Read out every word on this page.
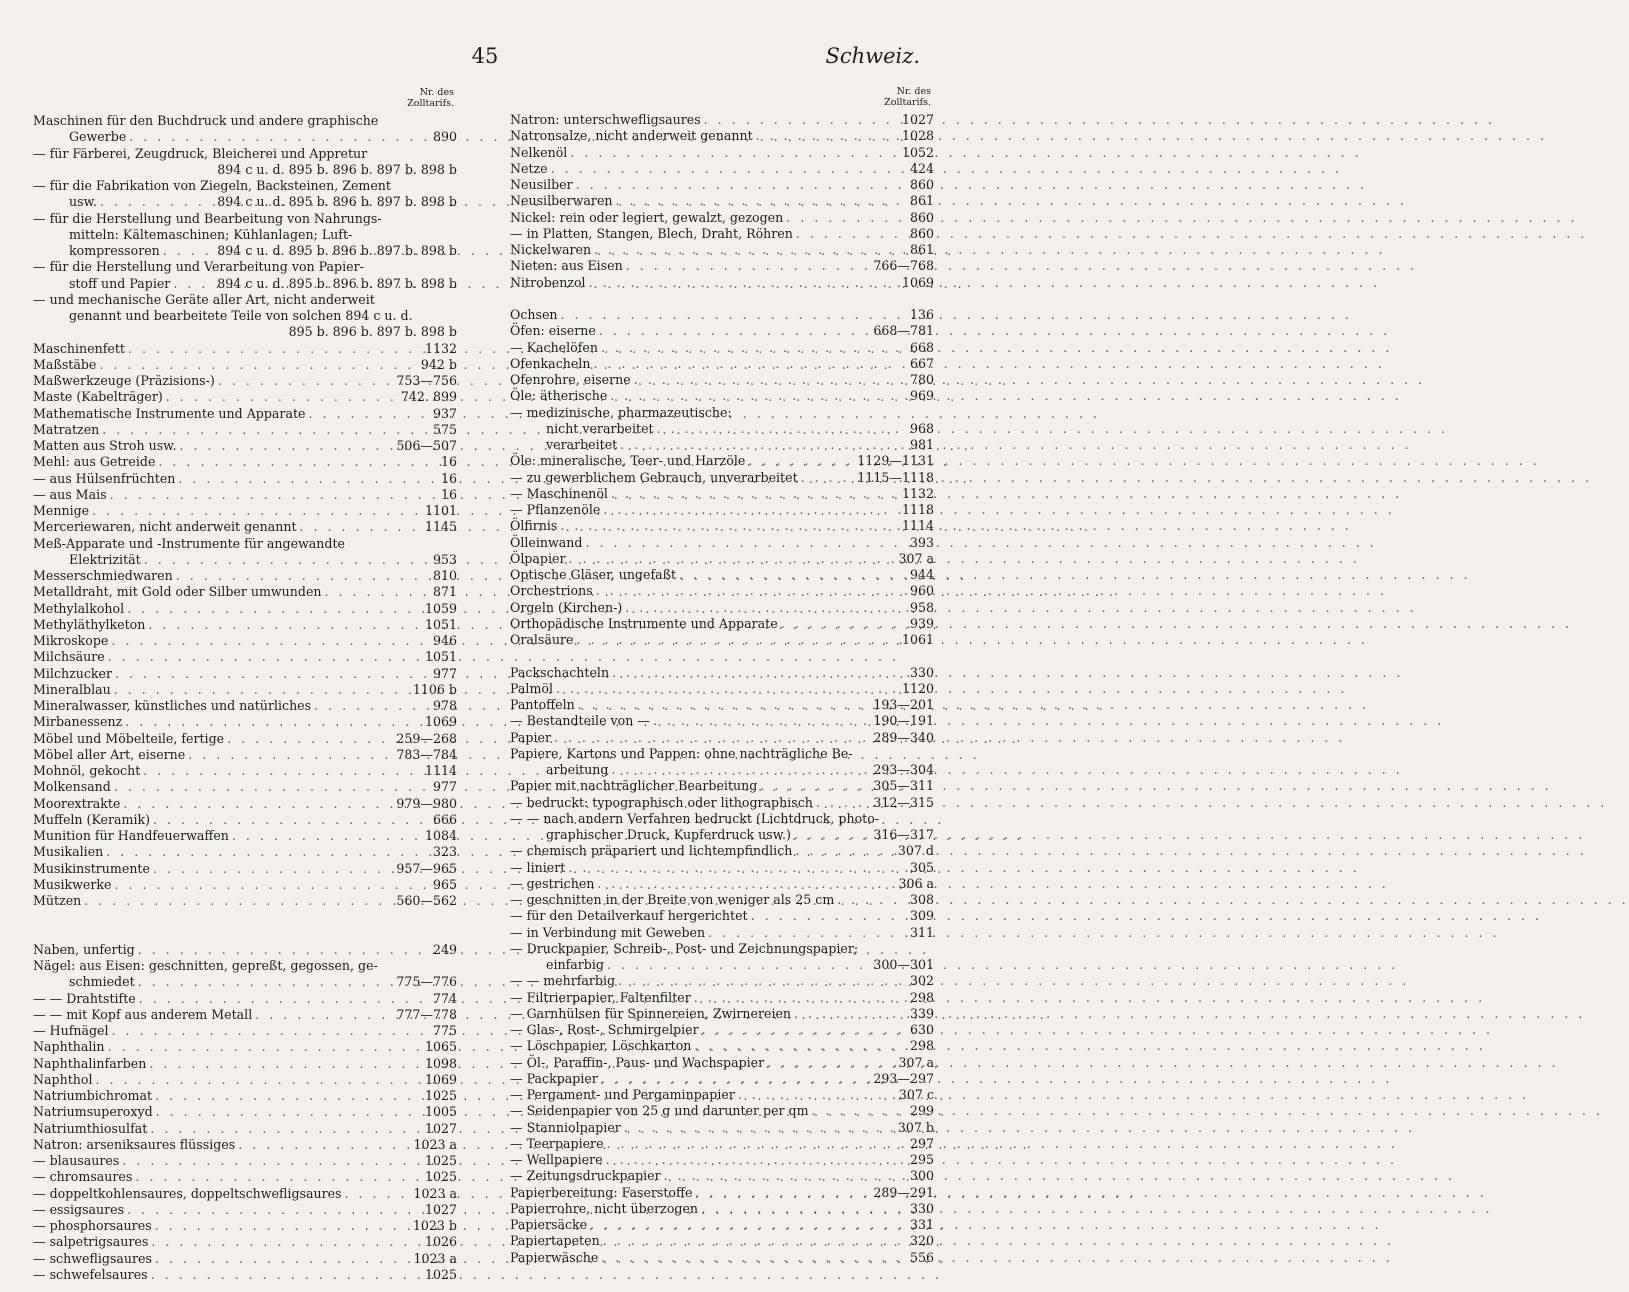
45	Schweiz.
Nr. des
Zolltarifs.
Maschinen für den Buchdruck und andere graphische
Gewerbe . . .	890
— für Färberei, Zeugdruck, Bleicherei und Appretur
894 c u. d. 895 b. 896 b. 897 b. 898 b
— für die Fabrikation von Ziegeln, Backsteinen, Zement
usw. . . .	894 c u. d. 895 b. 896 b. 897 b. 898 b
— für die Herstellung und Bearbeitung von Nahrungs-
mitteln: Kältemaschinen; Kühlanlagen; Luft-
kompressoren . . .	894 c u. d. 895 b. 896 b. 897 b. 898 b
— für die Herstellung und Verarbeitung von Papier-
stoff und Papier . . .	894 c u. d. 895 b. 896 b. 897 b. 898 b
— und mechanische Geräte aller Art, nicht anderweit
genannt und bearbeitete Teile von solchen 894 c u. d.
895 b. 896 b. 897 b. 898 b
Maschinenfett . . .	1132
Maßstäbe . . .	942 b
Maßwerkzeuge (Präzisions-) . . .	753—756
Maste (Kabelträger) . . .	742. 899
Mathematische Instrumente und Apparate . . .	937
Matratzen . . .	575
Matten aus Stroh usw. . . .	506—507
Mehl: aus Getreide . . .	16
— aus Hülsenfrüchten . . .	16
— aus Mais . . .	16
Mennige . . .	1101
Merceriewaren, nicht anderweit genannt . . .	1145
Meß-Apparate und -Instrumente für angewandte
Elektrizität . . .	953
Messerschmiedwaren . . .	810
Metalldraht, mit Gold oder Silber umwunden . . .	871
Methylalkohol . . .	1059
Methyläthylketon . . .	1051
Mikroskope . . .	946
Milchsäure . . .	1051
Milchzucker . . .	977
Mineralblau . . .	1106 b
Mineralwasser, künstliches und natürliches . . .	978
Mirbanessenz . . .	1069
Möbel und Möbelteile, fertige . . .	259—268
Möbel aller Art, eiserne . . .	783—784
Mohnöl, gekocht . . .	1114
Molkensand . . .	977
Moorextrakte . . .	979—980
Muffeln (Keramik) . . .	666
Munition für Handfeuerwaffen . . .	1084
Musikalien . . .	323
Musikinstrumente . . .	957—965
Musikwerke . . .	965
Mützen . . .	560—562
Naben, unfertig . . .	249
Nägel: aus Eisen: geschnitten, gepreßt, gegossen, ge-
schmiedet . . .	775—776
— — Drahtstifte . . .	774
— — mit Kopf aus anderem Metall . . .	777—778
— Hufnägel . . .	775
Naphthalin . . .	1065
Naphthalinfarben . . .	1098
Naphthol . . .	1069
Natriumbichromat . . .	1025
Natriumsuperoxyd . . .	1005
Natriumthiosulfat . . .	1027
Natron: arseniksaures flüssiges . . .	1023 a
— blausaures . . .	1025
— chromsaures . . .	1025
— doppeltkohlensaures, doppeltschwefligsaures . . .	1023 a
— essigsaures . . .	1027
— phosphorsaures . . .	1023 b
— salpetrigsaures . . .	1026
— schwefligsaures . . .	1023 a
— schwefelsaures . . .	1025
Nr. des
Zolltarifs.
Natron: unterschwefligsaures . . .	1027
Natronsalze, nicht anderweit genannt . . .	1028
Nelkenöl . . .	1052
Netze . . .	424
Neusilber . . .	860
Neusilberwaren . . .	861
Nickel: rein oder legiert, gewalzt, gezogen . . .	860
— in Platten, Stangen, Blech, Draht, Röhren . . .	860
Nickelwaren . . .	861
Nieten: aus Eisen . . .	766—768
Nitrobenzol . . .	1069
Ochsen . . .	136
Öfen: eiserne . . .	668—781
— Kachelöfen . . .	668
Ofenkacheln . . .	667
Ofenrohre, eiserne . . .	780
Öle: ätherische . . .	969
— medizinische, pharmazeutische:
nicht verarbeitet . . .	968
verarbeitet . . .	981
Öle: mineralische, Teer- und Harzöle . . .	1129—1131
— zu gewerblichem Gebrauch, unverarbeitet . . .	1115—1118
— Maschinenöl . . .	1132
— Pflanzenöle . . .	1118
Ölfirnis . . .	1114
Ölleinwand . . .	393
Ölpapier . . .	307 a
Optische Gläser, ungefaßt . . .	944
Orchestrions . . .	960
Orgeln (Kirchen-) . . .	958
Orthopädische Instrumente und Apparate . . .	939
Oralsäure . . .	1061
Packschachteln . . .	330
Palmöl . . .	1120
Pantoffeln . . .	193—201
— Bestandteile von — . . .	190—191
Papier . . .	289—340
Papiere, Kartons und Pappen: ohne nachträgliche Be-
arbeitung . . .	293—304
Papier mit nachträglicher Bearbeitung . . .	305—311
— bedruckt: typographisch oder lithographisch . . .	312—315
— — nach andern Verfahren bedruckt (Lichtdruck, photo-
graphischer Druck, Kupferdruck usw.) . . .	316—317
— chemisch präpariert und lichtempfindlich . . .	307 d
— liniert . . .	305
— gestrichen . . .	306 a
— geschnitten in der Breite von weniger als 25 cm . . .	308
— für den Detailverkauf hergerichtet . . .	309
— in Verbindung mit Geweben . . .	311
— Druckpapier, Schreib-, Post- und Zeichnungspapier;
einfarbig . . .	300—301
— — mehrfarbig . . .	302
— Filtrierpapier, Faltenfilter . . .	298
— Garnhülsen für Spinnereien, Zwirnereien . . .	339
— Glas-, Rost-, Schmirgelpier . . .	630
— Löschpapier, Löschkarton . . .	298
— Öl-, Paraffin-, Paus- und Wachspapier . . .	307 a
— Packpapier . . .	293—297
— Pergament- und Pergaminpapier . . .	307 c
— Seidenpapier von 25 g und darunter per qm . . .	299
— Stanniolpapier . . .	307 b
— Teerpapiere . . .	297
— Wellpapiere . . .	295
— Zeitungsdruckpapier . . .	300
Papierbereitung: Faserstoffe . . .	289—291
Papierrohre, nicht überzogen . . .	330
Papiersäcke . . .	331
Papiertapeten . . .	320
Papierwäsche . . .	556
